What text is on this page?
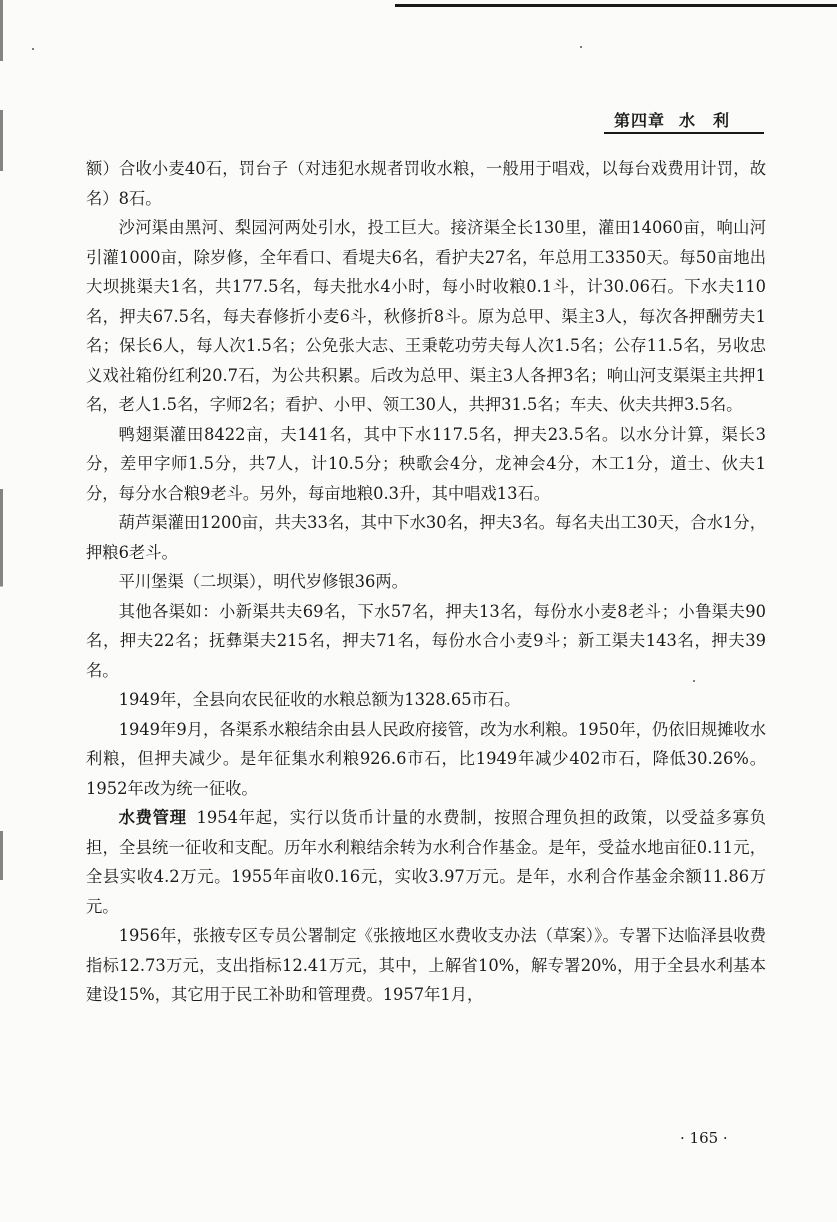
第四章 水　利

额）合收小麦40石，罚台子（对违犯水规者罚收水粮，一般用于唱戏，以每台戏费用计罚，故名）8石。

沙河渠由黑河、梨园河两处引水，投工巨大。接济渠全长130里，灌田14060亩，响山河引灌1000亩，除岁修，全年看口、看堤夫6名，看护夫27名，年总用工3350天。每50亩地出大坝挑渠夫1名，共177.5名，每夫批水4小时，每小时收粮0.1斗，计30.06石。下水夫110名，押夫67.5名，每夫春修折小麦6斗，秋修折8斗。原为总甲、渠主3人，每次各押酬劳夫1名；保长6人，每人次1.5名；公免张大志、王秉乾功劳夫每人次1.5名；公存11.5名，另收忠义戏社箱份红利20.7石，为公共积累。后改为总甲、渠主3人各押3名；响山河支渠渠主共押1名，老人1.5名，字师2名；看护、小甲、领工30人，共押31.5名；车夫、伙夫共押3.5名。

鸭翅渠灌田8422亩，夫141名，其中下水117.5名，押夫23.5名。以水分计算，渠长3分，差甲字师1.5分，共7人，计10.5分；秧歌会4分，龙神会4分，木工1分，道士、伙夫1分，每分水合粮9老斗。另外，每亩地粮0.3升，其中唱戏13石。

葫芦渠灌田1200亩，共夫33名，其中下水30名，押夫3名。每名夫出工30天，合水1分，押粮6老斗。

平川堡渠（二坝渠），明代岁修银36两。

其他各渠如：小新渠共夫69名，下水57名，押夫13名，每份水小麦8老斗；小鲁渠夫90名，押夫22名；抚彝渠夫215名，押夫71名，每份水合小麦9斗；新工渠夫143名，押夫39名。

1949年，全县向农民征收的水粮总额为1328.65市石。

1949年9月，各渠系水粮结余由县人民政府接管，改为水利粮。1950年，仍依旧规摊收水利粮，但押夫减少。是年征集水利粮926.6市石，比1949年减少402市石，降低30.26%。1952年改为统一征收。

水费管理 1954年起，实行以货币计量的水费制，按照合理负担的政策，以受益多寡负担，全县统一征收和支配。历年水利粮结余转为水利合作基金。是年，受益水地亩征0.11元，全县实收4.2万元。1955年亩收0.16元，实收3.97万元。是年，水利合作基金余额11.86万元。

1956年，张掖专区专员公署制定《张掖地区水费收支办法（草案）》。专署下达临泽县收费指标12.73万元，支出指标12.41万元，其中，上解省10%，解专署20%，用于全县水利基本建设15%，其它用于民工补助和管理费。1957年1月，

· 165 ·
